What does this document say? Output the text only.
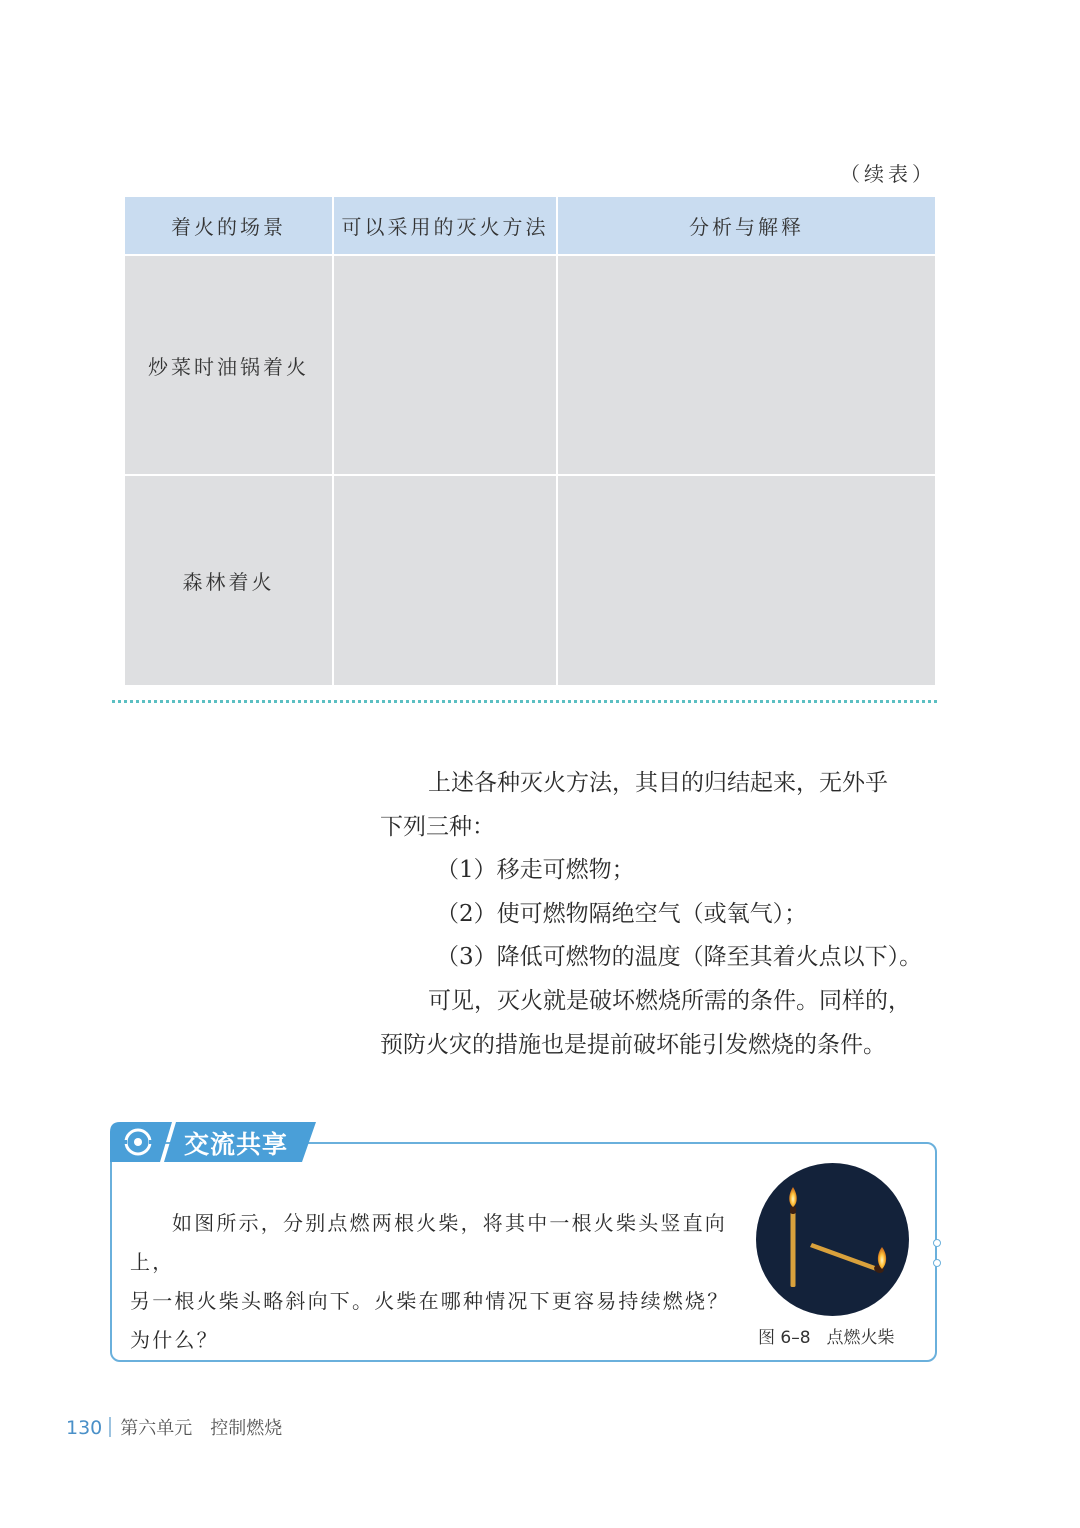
（续表）
着火的场景	可以采用的灭火方法	分析与解释
炒菜时油锅着火		
森林着火		

上述各种灭火方法，其目的归结起来，无外乎

下列三种：

（1）移走可燃物；

（2）使可燃物隔绝空气（或氧气）；

（3）降低可燃物的温度（降至其着火点以下）。

可见，灭火就是破坏燃烧所需的条件。同样的，

预防火灾的措施也是提前破坏能引发燃烧的条件。

交流共享

如图所示，分别点燃两根火柴，将其中一根火柴头竖直向上，

另一根火柴头略斜向下。火柴在哪种情况下更容易持续燃烧？

为什么？	图 6–8 点燃火柴
130 第六单元 控制燃烧
